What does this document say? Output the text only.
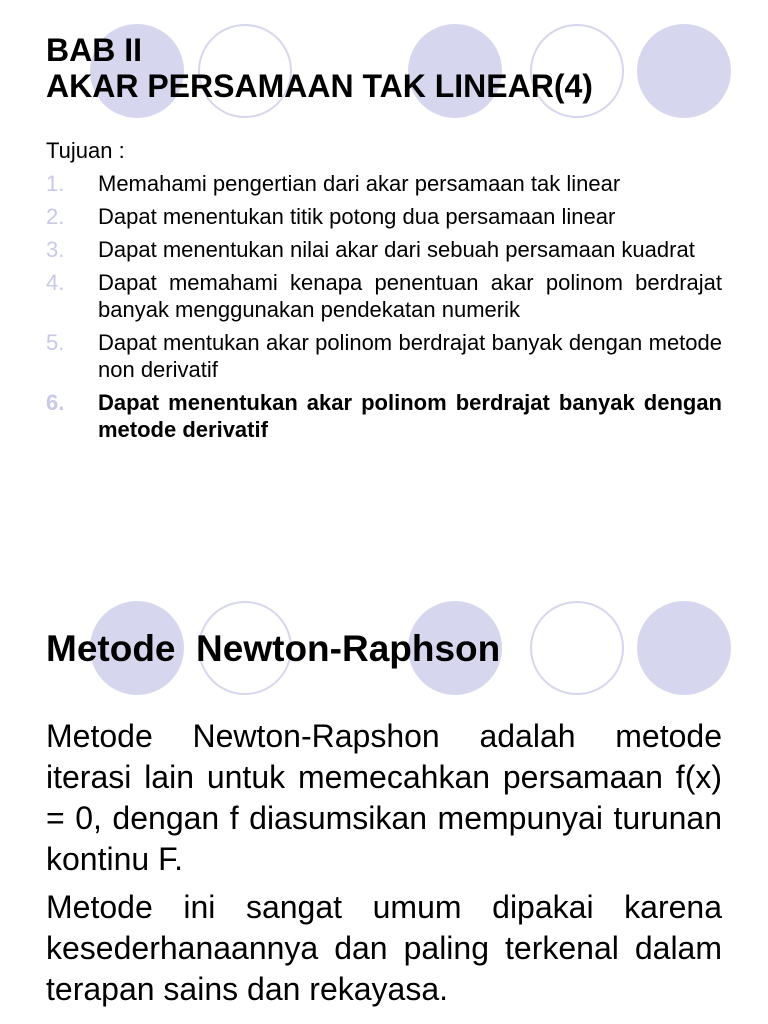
BAB II
AKAR PERSAMAAN TAK LINEAR(4)
Tujuan :
1. Memahami pengertian dari akar persamaan tak linear
2. Dapat menentukan titik potong dua persamaan linear
3. Dapat menentukan nilai akar dari sebuah persamaan kuadrat
4. Dapat memahami kenapa penentuan akar polinom berdrajat banyak menggunakan pendekatan numerik
5. Dapat mentukan akar polinom berdrajat banyak dengan metode non derivatif
6. Dapat menentukan akar polinom berdrajat banyak dengan metode derivatif
Metode  Newton-Raphson
Metode Newton-Rapshon adalah metode iterasi lain untuk memecahkan persamaan f(x) = 0, dengan f diasumsikan mempunyai turunan kontinu F.
Metode ini sangat umum dipakai karena kesederhanaannya dan paling terkenal dalam terapan sains dan rekayasa.
